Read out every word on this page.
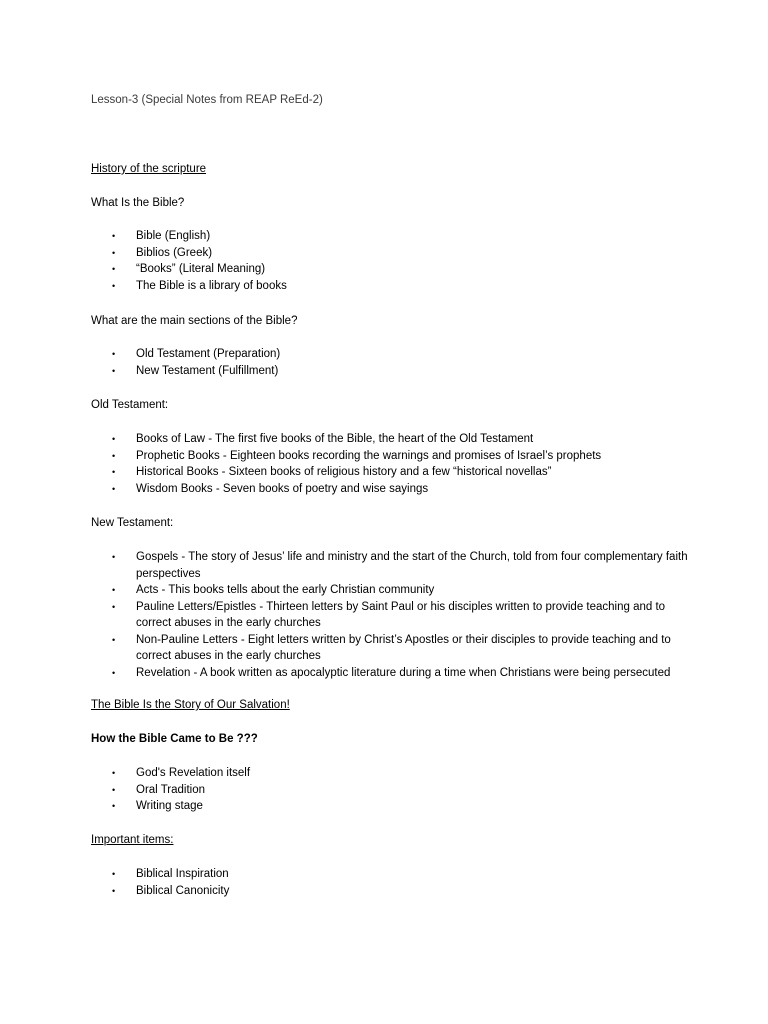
Lesson-3 (Special Notes from REAP ReEd-2)

History of the scripture

What Is the Bible?

• Bible (English)
• Biblios (Greek)
• “Books” (Literal Meaning)
• The Bible is a library of books

What are the main sections of the Bible?

• Old Testament (Preparation)
• New Testament (Fulfillment)

Old Testament:

• Books of Law - The first five books of the Bible, the heart of the Old Testament
• Prophetic Books - Eighteen books recording the warnings and promises of Israel’s prophets
• Historical Books - Sixteen books of religious history and a few “historical novellas”
• Wisdom Books - Seven books of poetry and wise sayings

New Testament:

• Gospels - The story of Jesus’ life and ministry and the start of the Church, told from four complementary faith perspectives
• Acts - This books tells about the early Christian community
• Pauline Letters/Epistles - Thirteen letters by Saint Paul or his disciples written to provide teaching and to correct abuses in the early churches
• Non-Pauline Letters - Eight letters written by Christ’s Apostles or their disciples to provide teaching and to correct abuses in the early churches
• Revelation - A book written as apocalyptic literature during a time when Christians were being persecuted

The Bible Is the Story of Our Salvation!

How the Bible Came to Be ???

• God's Revelation itself
• Oral Tradition
• Writing stage

Important items:

• Biblical Inspiration
• Biblical Canonicity
